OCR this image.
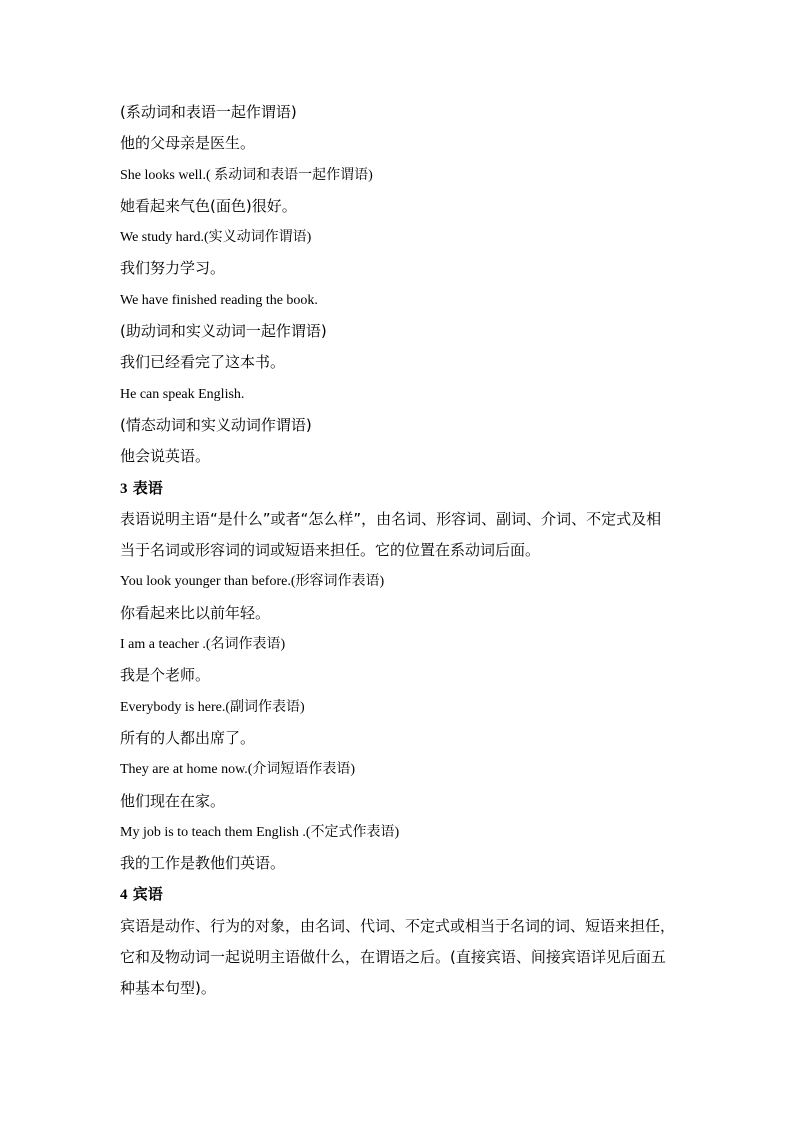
(系动词和表语一起作谓语)
他的父母亲是医生。
She looks well.( 系动词和表语一起作谓语)
她看起来气色(面色)很好。
We study hard.(实义动词作谓语)
我们努力学习。
We have finished reading the book.
(助动词和实义动词一起作谓语)
我们已经看完了这本书。
He can speak English.
(情态动词和实义动词作谓语)
他会说英语。
3 表语
表语说明主语“是什么”或者“怎么样”，由名词、形容词、副词、介词、不定式及相当于名词或形容词的词或短语来担任。它的位置在系动词后面。
You look younger than before.(形容词作表语)
你看起来比以前年轻。
I am a teacher .(名词作表语)
我是个老师。
Everybody is here.(副词作表语)
所有的人都出席了。
They are at home now.(介词短语作表语)
他们现在在家。
My job is to teach them English .(不定式作表语)
我的工作是教他们英语。
4 宾语
宾语是动作、行为的对象，由名词、代词、不定式或相当于名词的词、短语来担任，它和及物动词一起说明主语做什么，在谓语之后。(直接宾语、间接宾语详见后面五种基本句型)。
